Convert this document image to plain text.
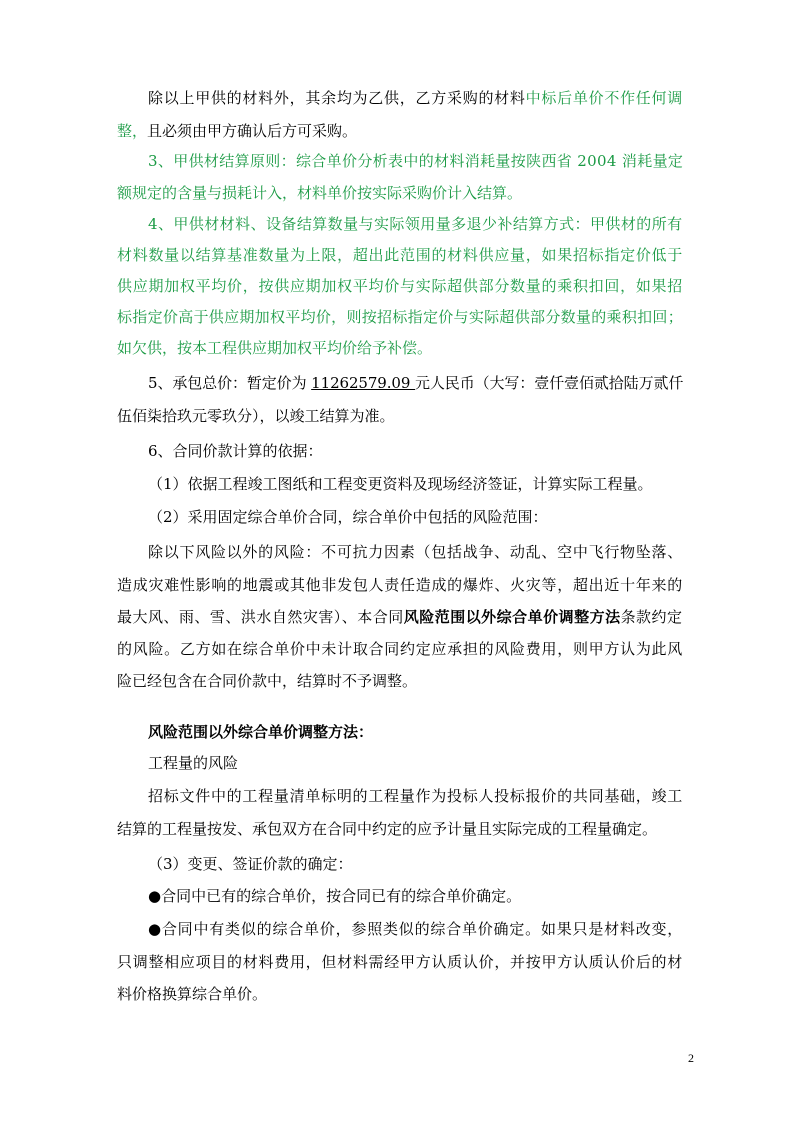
除以上甲供的材料外，其余均为乙供，乙方采购的材料中标后单价不作任何调
整，且必须由甲方确认后方可采购。
3、甲供材结算原则：综合单价分析表中的材料消耗量按陕西省 2004 消耗量定
额规定的含量与损耗计入，材料单价按实际采购价计入结算。
4、甲供材材料、设备结算数量与实际领用量多退少补结算方式：甲供材的所有
材料数量以结算基准数量为上限，超出此范围的材料供应量，如果招标指定价低于
供应期加权平均价，按供应期加权平均价与实际超供部分数量的乘积扣回，如果招
标指定价高于供应期加权平均价，则按招标指定价与实际超供部分数量的乘积扣回；
如欠供，按本工程供应期加权平均价给予补偿。
5、承包总价：暂定价为 11262579.09 元人民币（大写：壹仟壹佰贰拾陆万贰仟
伍佰柒拾玖元零玖分），以竣工结算为准。
6、合同价款计算的依据：
（1）依据工程竣工图纸和工程变更资料及现场经济签证，计算实际工程量。
（2）采用固定综合单价合同，综合单价中包括的风险范围：
除以下风险以外的风险：不可抗力因素（包括战争、动乱、空中飞行物坠落、
造成灾难性影响的地震或其他非发包人责任造成的爆炸、火灾等，超出近十年来的
最大风、雨、雪、洪水自然灾害）、本合同风险范围以外综合单价调整方法条款约定
的风险。乙方如在综合单价中未计取合同约定应承担的风险费用，则甲方认为此风
险已经包含在合同价款中，结算时不予调整。
风险范围以外综合单价调整方法：
工程量的风险
招标文件中的工程量清单标明的工程量作为投标人投标报价的共同基础，竣工
结算的工程量按发、承包双方在合同中约定的应予计量且实际完成的工程量确定。
（3）变更、签证价款的确定：
●合同中已有的综合单价，按合同已有的综合单价确定。
●合同中有类似的综合单价，参照类似的综合单价确定。如果只是材料改变，
只调整相应项目的材料费用，但材料需经甲方认质认价，并按甲方认质认价后的材
料价格换算综合单价。
2
